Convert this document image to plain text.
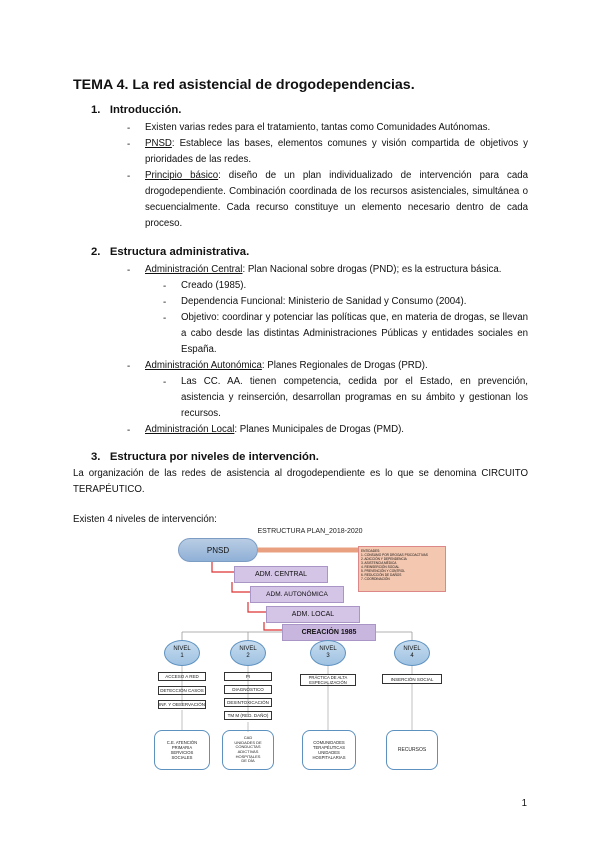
TEMA 4. La red asistencial de drogodependencias.
1. Introducción.
- Existen varias redes para el tratamiento, tantas como Comunidades Autónomas.
- PNSD: Establece las bases, elementos comunes y visión compartida de objetivos y prioridades de las redes.
- Principio básico: diseño de un plan individualizado de intervención para cada drogodependiente. Combinación coordinada de los recursos asistenciales, simultánea o secuencialmente. Cada recurso constituye un elemento necesario dentro de cada proceso.
2. Estructura administrativa.
- Administración Central: Plan Nacional sobre drogas (PND); es la estructura básica.
- Creado (1985).
- Dependencia Funcional: Ministerio de Sanidad y Consumo (2004).
- Objetivo: coordinar y potenciar las políticas que, en materia de drogas, se llevan a cabo desde las distintas Administraciones Públicas y entidades sociales en España.
- Administración Autonómica: Planes Regionales de Drogas (PRD).
- Las CC. AA. tienen competencia, cedida por el Estado, en prevención, asistencia y reinserción, desarrollan programas en su ámbito y gestionan los recursos.
- Administración Local: Planes Municipales de Drogas (PMD).
3. Estructura por niveles de intervención.
La organización de las redes de asistencia al drogodependiente es lo que se denomina CIRCUITO TERAPÉUTICO.
Existen 4 niveles de intervención:
ESTRUCTURA PLAN_2018-2020
PNSD	ENTIDADES:
1. CONSUMO POR DROGAS PSICOACTIVAS
2. ADICCIÓN Y DEPENDENCIA
3. ASISTENCIA MÉDICA
4. REINSERCIÓN SOCIAL
5. PREVENCIÓN Y CONTROL
6. REDUCCIÓN DE DAÑOS
7. COORDINACIÓN
ADM. CENTRAL
ADM. AUTONÓMICA
ADM. LOCAL
CREACIÓN 1985
NIVEL
1
NIVEL
2
NIVEL
3
NIVEL
4
ACCESO A RED
DETECCIÓN CASOS
INF. Y OBSERVACIÓN
PI
DIAGNÓSTICO
DESINTOXICACIÓN
TM M (RED. DAÑO)
PRÁCTICA DE ALTA ESPECIALIZACIÓN
INSERCIÓN SOCIAL
C.E. ATENCIÓN
PRIMARIA
SERVICIOS
SOCIALES
CAD
UNIDADES DE
CONDUCTAS
ADICTIVAS
HOSPITALES
DE DÍA
COMUNIDADES
TERAPÉUTICAS
UNIDADES
HOSPITALARIAS
RECURSOS
1
